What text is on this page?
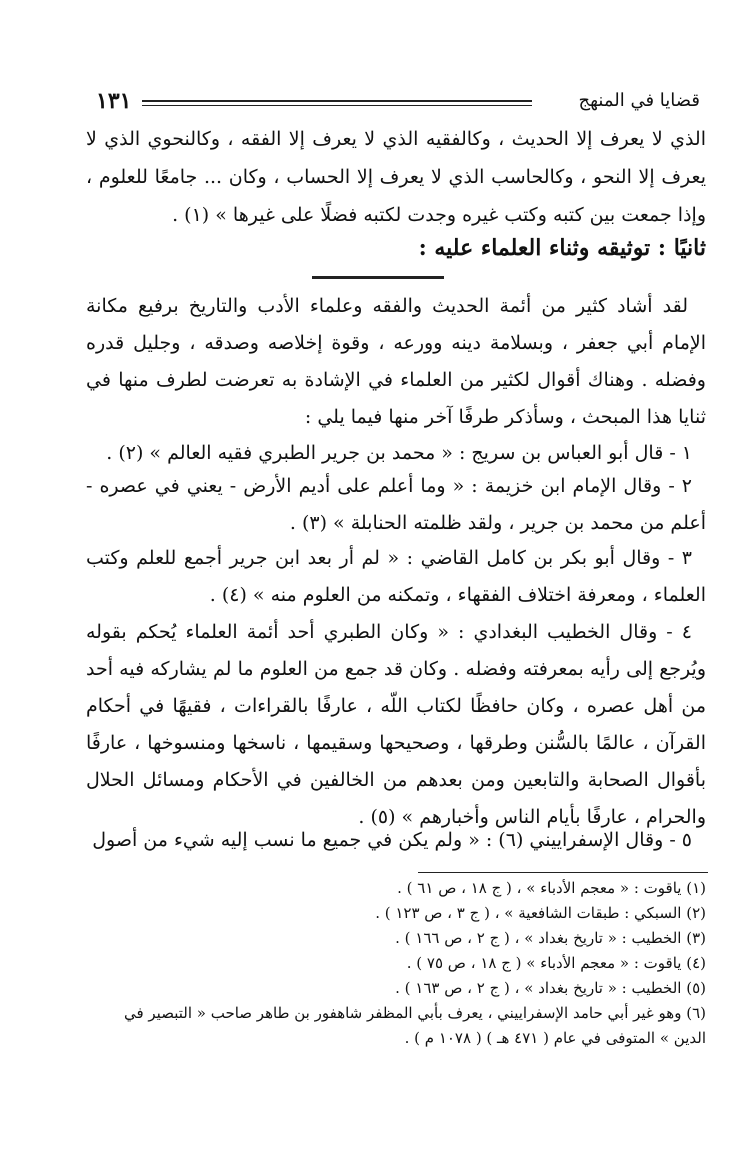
قضايا في المنهج
١٣١

الذي لا يعرف إلا الحديث ، وكالفقيه الذي لا يعرف إلا الفقه ، وكالنحوي الذي لا يعرف إلا النحو ، وكالحاسب الذي لا يعرف إلا الحساب ، وكان ... جامعًا للعلوم ، وإذا جمعت بين كتبه وكتب غيره وجدت لكتبه فضلًا على غيرها » (١) .

ثانيًا : توثيقه وثناء العلماء عليه :

لقد أشاد كثير من أئمة الحديث والفقه وعلماء الأدب والتاريخ برفيع مكانة الإمام أبي جعفر ، وبسلامة دينه وورعه ، وقوة إخلاصه وصدقه ، وجليل قدره وفضله . وهناك أقوال لكثير من العلماء في الإشادة به تعرضت لطرف منها في ثنايا هذا المبحث ، وسأذكر طرفًا آخر منها فيما يلي :

١ - قال أبو العباس بن سريج : « محمد بن جرير الطبري فقيه العالم » (٢) .

٢ - وقال الإمام ابن خزيمة : « وما أعلم على أديم الأرض - يعني في عصره - أعلم من محمد بن جرير ، ولقد ظلمته الحنابلة » (٣) .

٣ - وقال أبو بكر بن كامل القاضي : « لم أر بعد ابن جرير أجمع للعلم وكتب العلماء ، ومعرفة اختلاف الفقهاء ، وتمكنه من العلوم منه » (٤) .

٤ - وقال الخطيب البغدادي : « وكان الطبري أحد أئمة العلماء يُحكم بقوله ويُرجع إلى رأيه بمعرفته وفضله . وكان قد جمع من العلوم ما لم يشاركه فيه أحد من أهل عصره ، وكان حافظًا لكتاب اللّه ، عارفًا بالقراءات ، فقيهًا في أحكام القرآن ، عالمًا بالسُّنن وطرقها ، وصحيحها وسقيمها ، ناسخها ومنسوخها ، عارفًا بأقوال الصحابة والتابعين ومن بعدهم من الخالفين في الأحكام ومسائل الحلال والحرام ، عارفًا بأيام الناس وأخبارهم » (٥) .

٥ - وقال الإسفراييني (٦) : « ولم يكن في جميع ما نسب إليه شيء من أصول

(١) ياقوت : « معجم الأدباء » ، ( ج ١٨ ، ص ٦١ ) .
(٢) السبكي : طبقات الشافعية » ، ( ج ٣ ، ص ١٢٣ ) .
(٣) الخطيب : « تاريخ بغداد » ، ( ج ٢ ، ص ١٦٦ ) .
(٤) ياقوت : « معجم الأدباء » ( ج ١٨ ، ص ٧٥ ) .
(٥) الخطيب : « تاريخ بغداد » ، ( ج ٢ ، ص ١٦٣ ) .
(٦) وهو غير أبي حامد الإسفراييني ، يعرف بأبي المظفر شاهفور بن طاهر صاحب « التبصير في الدين » المتوفى في عام ( ٤٧١ هـ ) ( ١٠٧٨ م ) .
